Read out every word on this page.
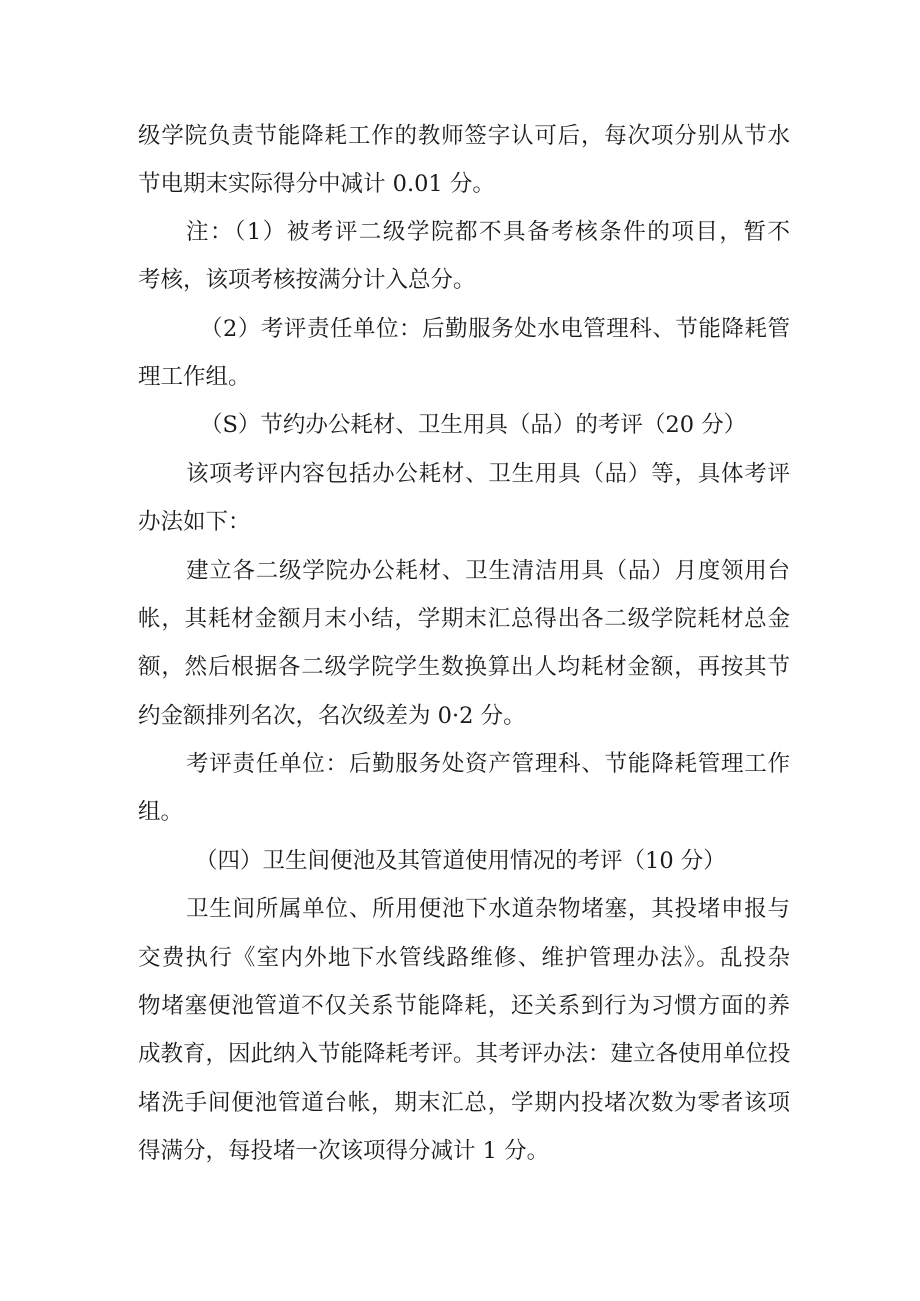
级学院负责节能降耗工作的教师签字认可后，每次项分别从节水
节电期末实际得分中减计 0.01 分。
注：（1）被考评二级学院都不具备考核条件的项目，暂不
考核，该项考核按满分计入总分。
（2）考评责任单位：后勤服务处水电管理科、节能降耗管
理工作组。
（S）节约办公耗材、卫生用具（品）的考评（20 分）
该项考评内容包括办公耗材、卫生用具（品）等，具体考评
办法如下：
建立各二级学院办公耗材、卫生清洁用具（品）月度领用台
帐，其耗材金额月末小结，学期末汇总得出各二级学院耗材总金
额，然后根据各二级学院学生数换算出人均耗材金额，再按其节
约金额排列名次，名次级差为 0·2 分。
考评责任单位：后勤服务处资产管理科、节能降耗管理工作
组。
（四）卫生间便池及其管道使用情况的考评（10 分）
卫生间所属单位、所用便池下水道杂物堵塞，其投堵申报与
交费执行《室内外地下水管线路维修、维护管理办法》。乱投杂
物堵塞便池管道不仅关系节能降耗，还关系到行为习惯方面的养
成教育，因此纳入节能降耗考评。其考评办法：建立各使用单位投
堵洗手间便池管道台帐，期末汇总，学期内投堵次数为零者该项
得满分，每投堵一次该项得分减计 1 分。
